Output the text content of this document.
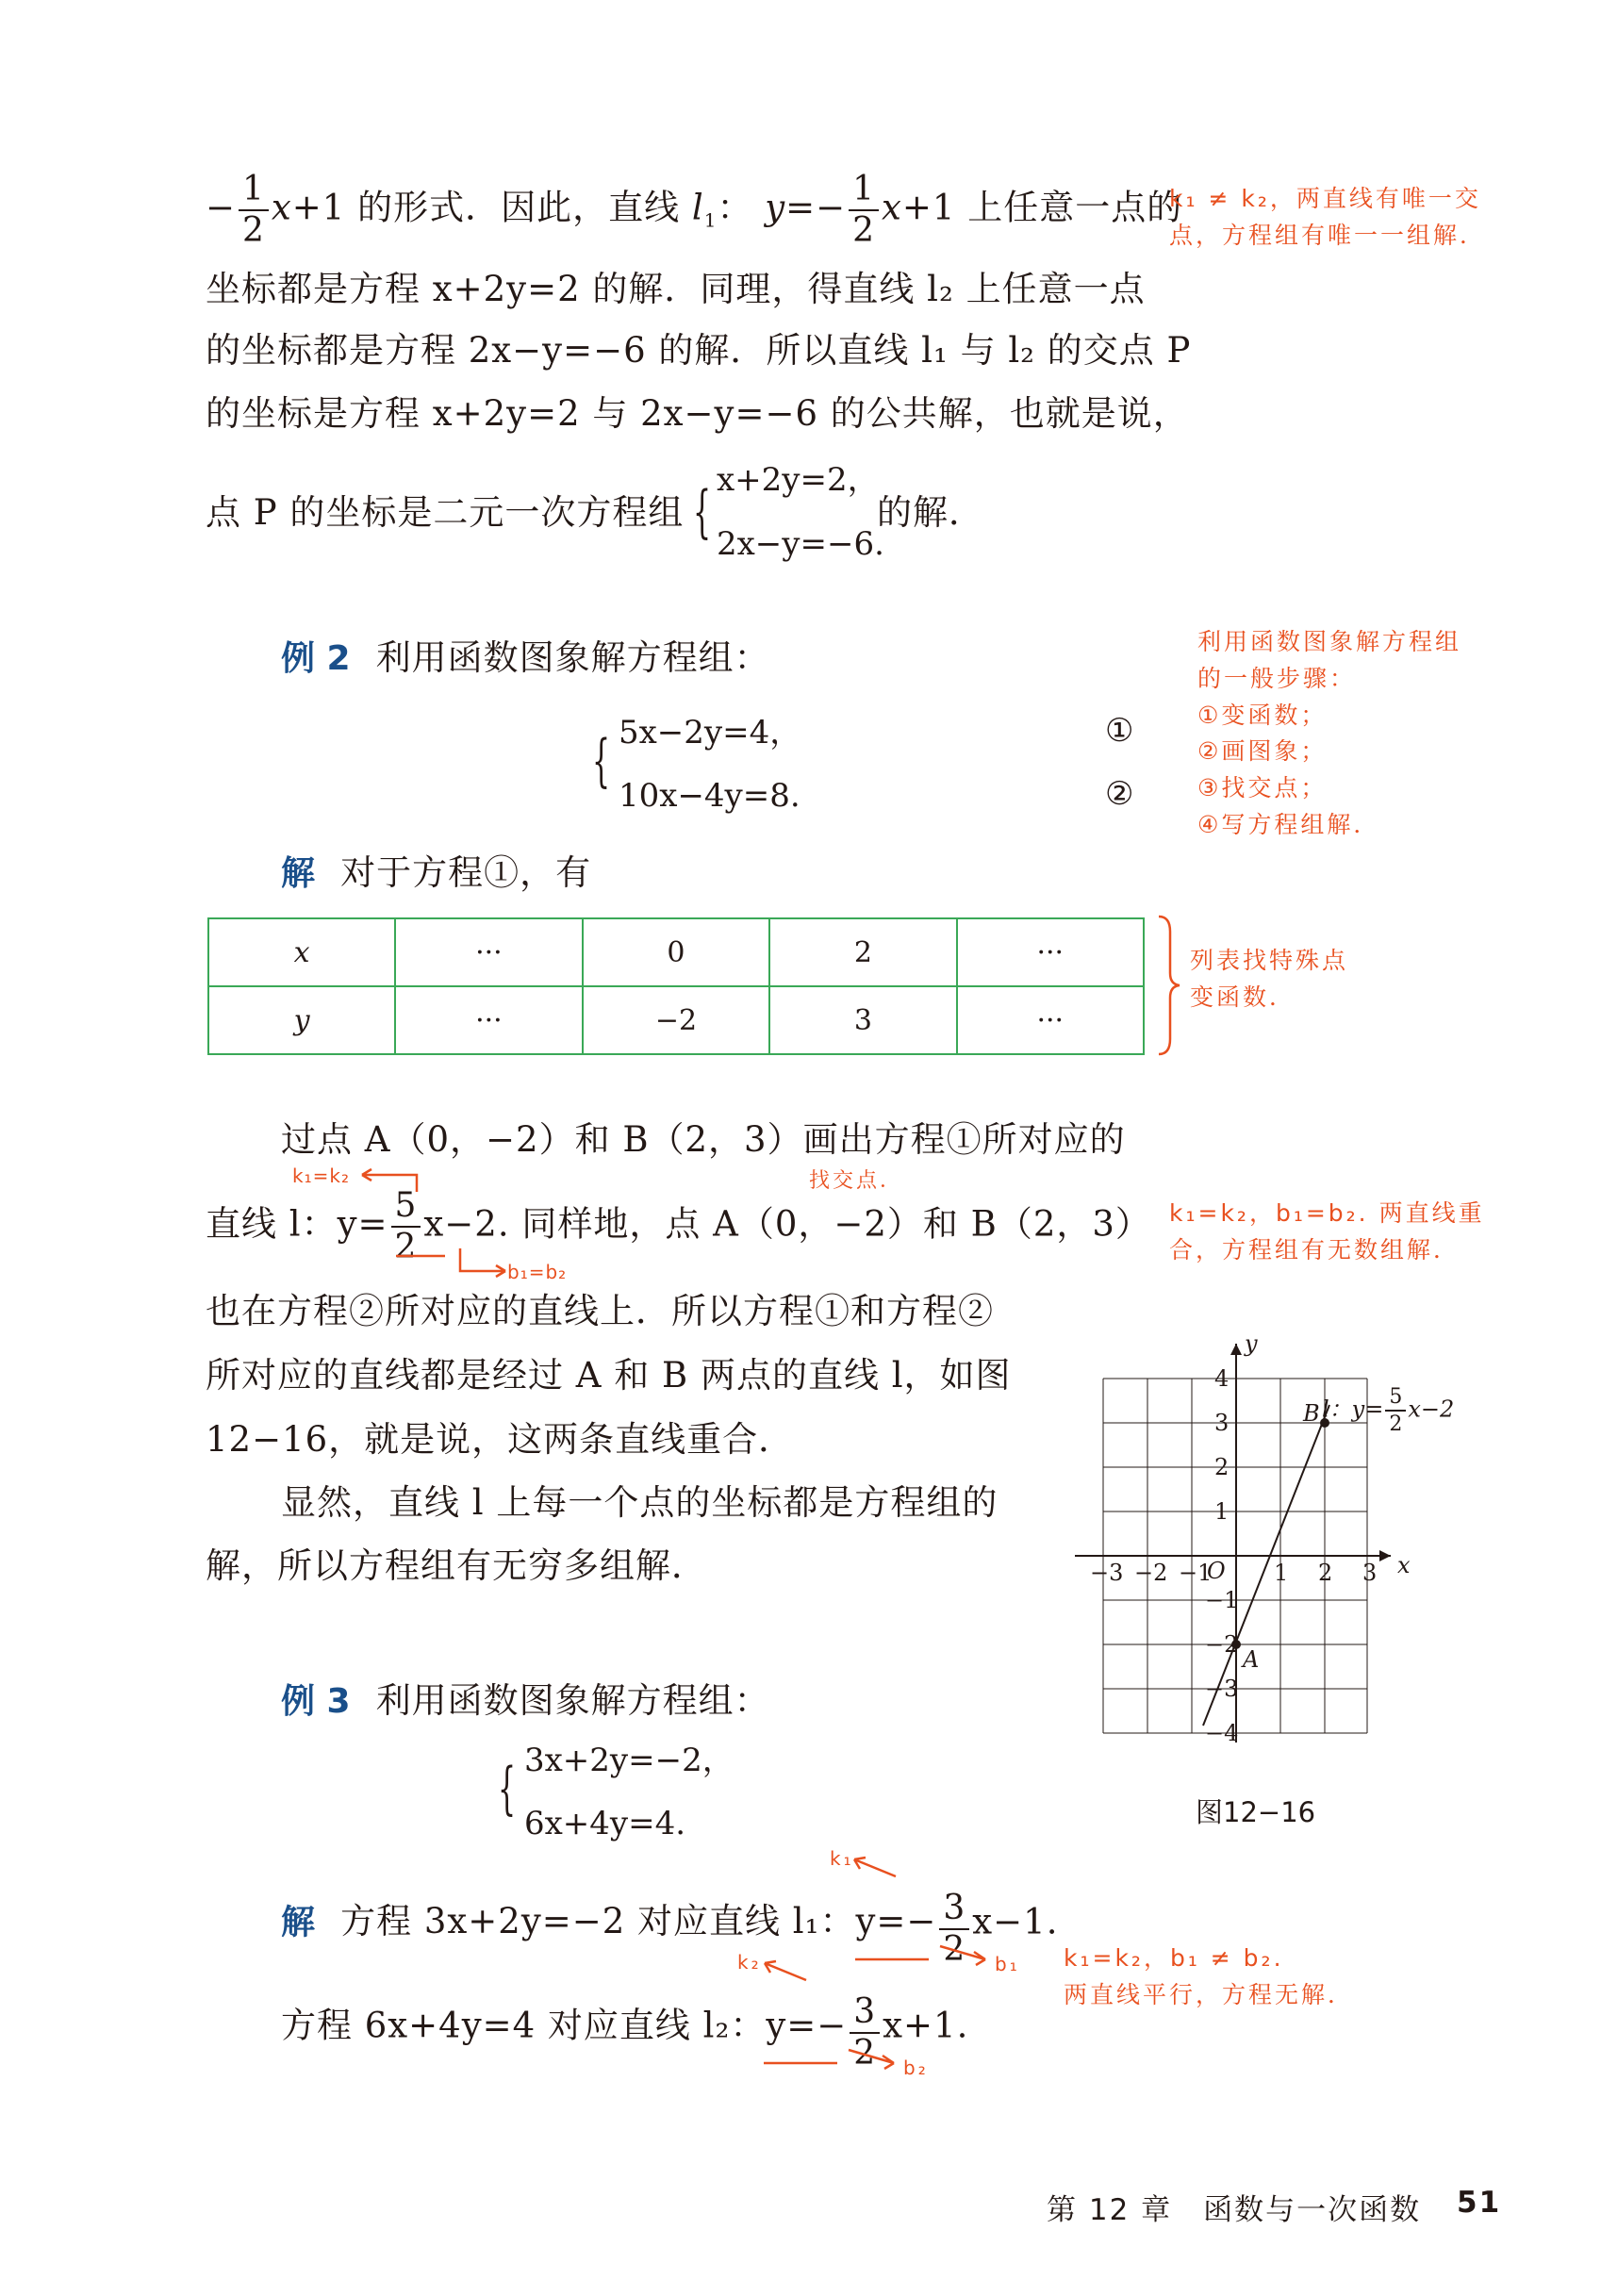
− $\frac{1}{2} x+1$ 的形式．因此，直线 $l_1$： $y=- \frac{1}{2} x+1$ 上任意一点的
坐标都是方程 x+2y=2 的解．同理，得直线 l₂ 上任意一点
的坐标都是方程 2x−y=−6 的解．所以直线 l₁ 与 l₂ 的交点 P
的坐标是方程 x+2y=2 与 2x−y=−6 的公共解，也就是说，
点 P 的坐标是二元一次方程组 { x+2y=2，
2x−y=−6.
的解．
k₁ ≠ k₂，两直线有唯一交
点，方程组有唯一一组解．
例 2 利用函数图象解方程组：
{ 5x−2y=4，
10x−4y=8.
①
②
解 对于方程①，有
利用函数图象解方程组
的一般步骤：
①变函数；
②画图象；
③找交点；
④写方程组解．
x	···	0	2	···
y	···	−2	3	···
列表找特殊点
变函数．
过点 A（0，−2）和 B（2，3）画出方程①所对应的
k₁=k₂	找交点．
直线 l：$y= \frac{5}{2} x-2$. 同样地，点 A（0，−2）和 B（2，3）
b₁=b₂
也在方程②所对应的直线上．所以方程①和方程②
所对应的直线都是经过 A 和 B 两点的直线 l，如图
12−16，就是说，这两条直线重合．
显然，直线 l 上每一个点的坐标都是方程组的
解，所以方程组有无穷多组解．
k₁=k₂，b₁=b₂. 两直线重
合，方程组有无数组解．
y
x
O
−3 −2 −1	1 2 3
4
3
2
1
−1
−2
−3
−4
B
A
l：$y= \frac{5}{2} x-2$
图12−16
例 3 利用函数图象解方程组：
{ 3x+2y=−2，
6x+4y=4.
k₁
解 方程 3x+2y=−2 对应直线 l₁：$y=- \frac{3}{2} x-1$.
b₁
k₂
方程 6x+4y=4 对应直线 l₂：$y=- \frac{3}{2} x+1$.
b₂
k₁=k₂，b₁ ≠ b₂.
两直线平行，方程无解．
第 12 章　函数与一次函数 51
